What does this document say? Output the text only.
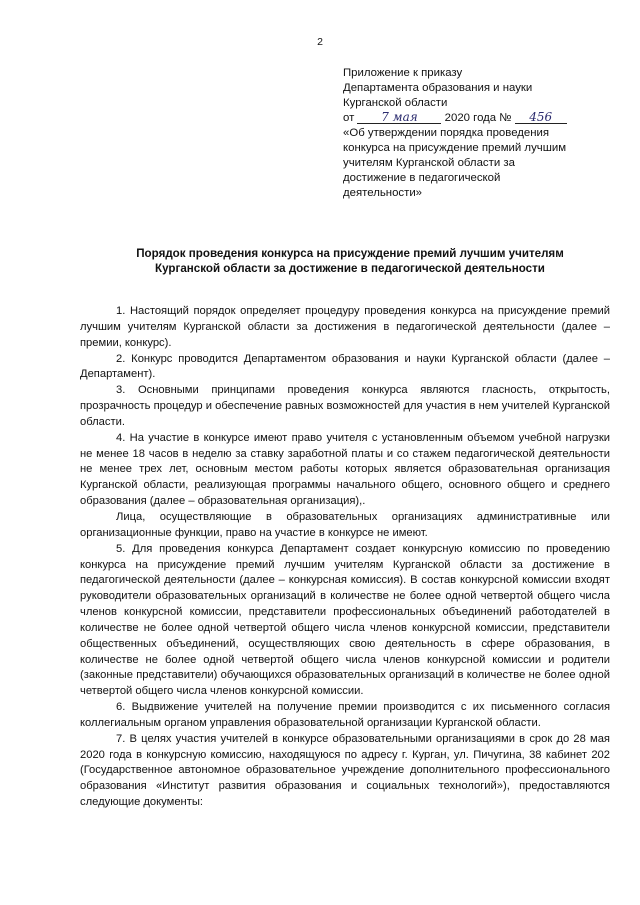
2
Приложение к приказу
Департамента образования и науки
Курганской области
от 7 мая 2020 года № 456
«Об утверждении порядка проведения
конкурса на присуждение премий лучшим
учителям Курганской области за
достижение в педагогической
деятельности»
Порядок проведения конкурса на присуждение премий лучшим учителям
Курганской области за достижение в педагогической деятельности

1. Настоящий порядок определяет процедуру проведения конкурса на присуждение премий лучшим учителям Курганской области за достижения в педагогической деятельности (далее – премии, конкурс).

2. Конкурс проводится Департаментом образования и науки Курганской области (далее – Департамент).

3. Основными принципами проведения конкурса являются гласность, открытость, прозрачность процедур и обеспечение равных возможностей для участия в нем учителей Курганской области.

4. На участие в конкурсе имеют право учителя с установленным объемом учебной нагрузки не менее 18 часов в неделю за ставку заработной платы и со стажем педагогической деятельности не менее трех лет, основным местом работы которых является образовательная организация Курганской области, реализующая программы начального общего, основного общего и среднего образования (далее – образовательная организация),.

Лица, осуществляющие в образовательных организациях административные или организационные функции, право на участие в конкурсе не имеют.

5. Для проведения конкурса Департамент создает конкурсную комиссию по проведению конкурса на присуждение премий лучшим учителям Курганской области за достижение в педагогической деятельности (далее – конкурсная комиссия). В состав конкурсной комиссии входят руководители образовательных организаций в количестве не более одной четвертой общего числа членов конкурсной комиссии, представители профессиональных объединений работодателей в количестве не более одной четвертой общего числа членов конкурсной комиссии, представители общественных объединений, осуществляющих свою деятельность в сфере образования, в количестве не более одной четвертой общего числа членов конкурсной комиссии и родители (законные представители) обучающихся образовательных организаций в количестве не более одной четвертой общего числа членов конкурсной комиссии.

6. Выдвижение учителей на получение премии производится с их письменного согласия коллегиальным органом управления образовательной организации Курганской области.

7. В целях участия учителей в конкурсе образовательными организациями в срок до 28 мая 2020 года в конкурсную комиссию, находящуюся по адресу г. Курган, ул. Пичугина, 38 кабинет 202 (Государственное автономное образовательное учреждение дополнительного профессионального образования «Институт развития образования и социальных технологий»), предоставляются следующие документы:
